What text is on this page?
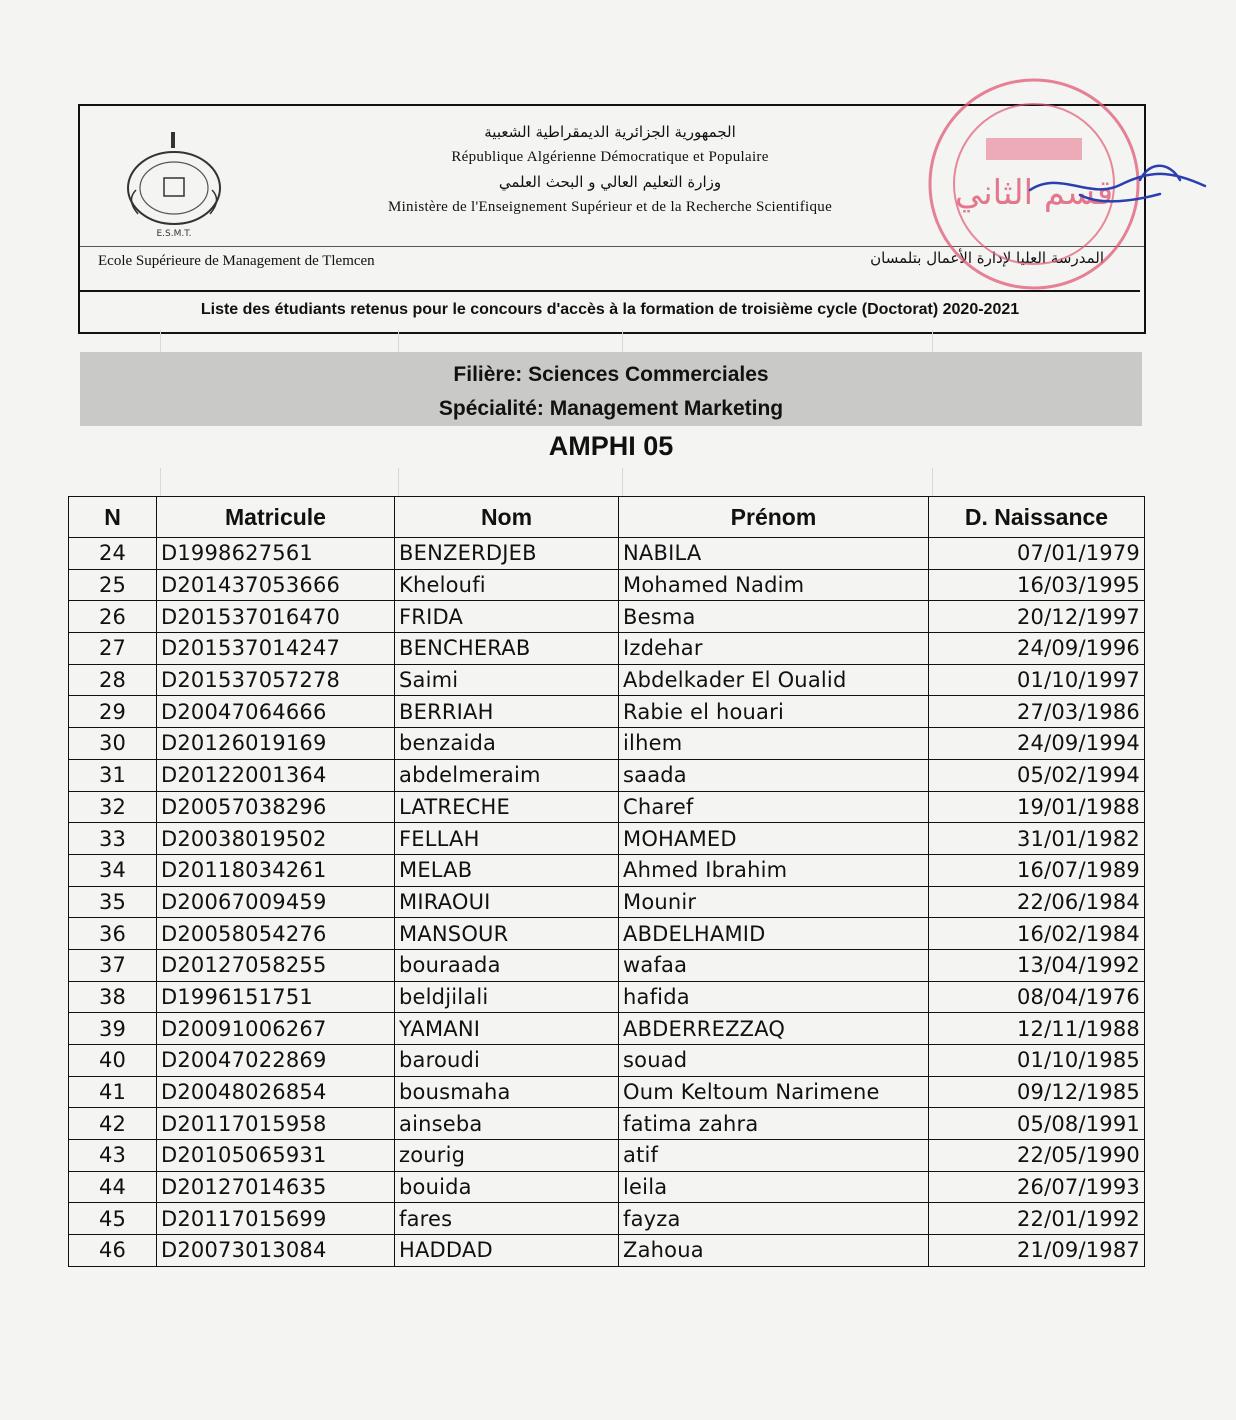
E.S.M.T.
الجمهورية الجزائرية الديمقراطية الشعبية
République Algérienne Démocratique et Populaire
وزارة التعليم العالي و البحث العلمي
Ministère de l'Enseignement Supérieur et de la Recherche Scientifique
Ecole Supérieure de Management de Tlemcen	المدرسة العليا لإدارة الأعمال بتلمسان
Liste des étudiants retenus pour le concours d'accès à la formation de troisième cycle (Doctorat) 2020-2021
قسم الثاني
Filière: Sciences Commerciales
Spécialité: Management Marketing
AMPHI 05
N	Matricule	Nom	Prénom	D. Naissance
24	D1998627561	BENZERDJEB	NABILA	07/01/1979
25	D201437053666	Kheloufi	Mohamed Nadim	16/03/1995
26	D201537016470	FRIDA	Besma	20/12/1997
27	D201537014247	BENCHERAB	Izdehar	24/09/1996
28	D201537057278	Saimi	Abdelkader El Oualid	01/10/1997
29	D20047064666	BERRIAH	Rabie el houari	27/03/1986
30	D20126019169	benzaida	ilhem	24/09/1994
31	D20122001364	abdelmeraim	saada	05/02/1994
32	D20057038296	LATRECHE	Charef	19/01/1988
33	D20038019502	FELLAH	MOHAMED	31/01/1982
34	D20118034261	MELAB	Ahmed Ibrahim	16/07/1989
35	D20067009459	MIRAOUI	Mounir	22/06/1984
36	D20058054276	MANSOUR	ABDELHAMID	16/02/1984
37	D20127058255	bouraada	wafaa	13/04/1992
38	D1996151751	beldjilali	hafida	08/04/1976
39	D20091006267	YAMANI	ABDERREZZAQ	12/11/1988
40	D20047022869	baroudi	souad	01/10/1985
41	D20048026854	bousmaha	Oum Keltoum Narimene	09/12/1985
42	D20117015958	ainseba	fatima zahra	05/08/1991
43	D20105065931	zourig	atif	22/05/1990
44	D20127014635	bouida	leila	26/07/1993
45	D20117015699	fares	fayza	22/01/1992
46	D20073013084	HADDAD	Zahoua	21/09/1987
